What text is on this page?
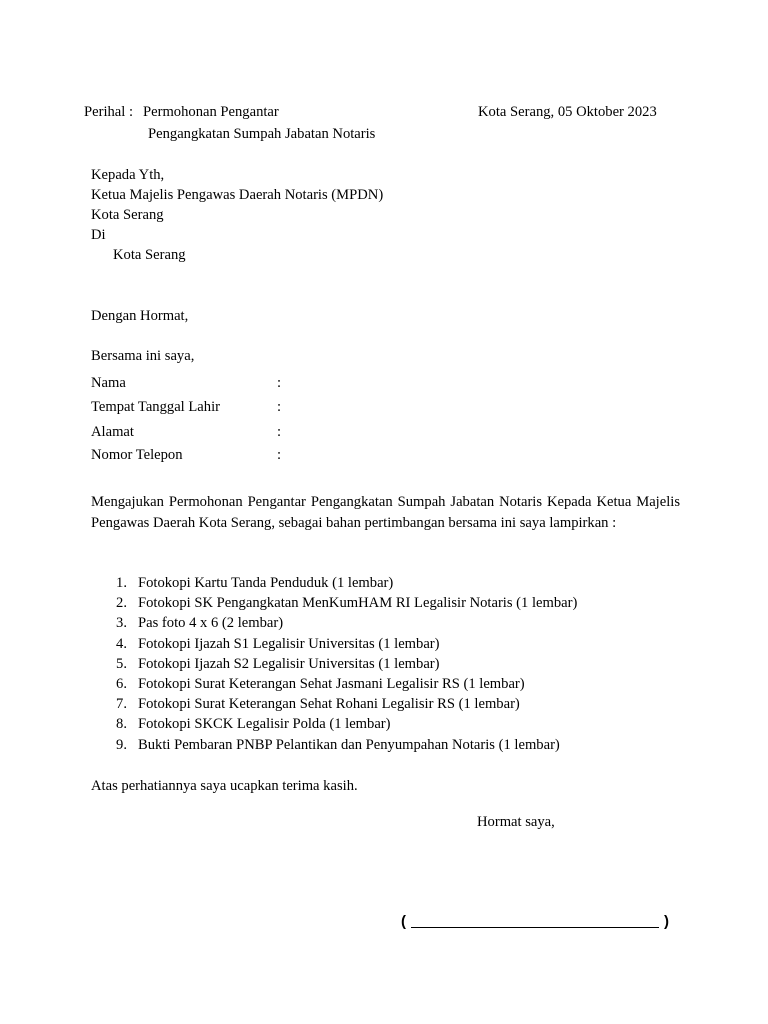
Perihal : Permohonan Pengantar
Pengangkatan Sumpah Jabatan Notaris
Kota Serang, 05 Oktober 2023
Kepada Yth,
Ketua Majelis Pengawas Daerah Notaris (MPDN)
Kota Serang
Di
Kota Serang
Dengan Hormat,
Bersama ini saya,
Nama	:
Tempat Tanggal Lahir	:
Alamat	:
Nomor Telepon	:

Mengajukan Permohonan Pengantar Pengangkatan Sumpah Jabatan Notaris Kepada Ketua Majelis Pengawas Daerah Kota Serang, sebagai bahan pertimbangan bersama ini saya lampirkan :

1. Fotokopi Kartu Tanda Penduduk (1 lembar)
2. Fotokopi SK Pengangkatan MenKumHAM RI Legalisir Notaris (1 lembar)
3. Pas foto 4 x 6 (2 lembar)
4. Fotokopi Ijazah S1 Legalisir Universitas (1 lembar)
5. Fotokopi Ijazah S2 Legalisir Universitas (1 lembar)
6. Fotokopi Surat Keterangan Sehat Jasmani Legalisir RS (1 lembar)
7. Fotokopi Surat Keterangan Sehat Rohani Legalisir RS (1 lembar)
8. Fotokopi SKCK Legalisir Polda (1 lembar)
9. Bukti Pembaran PNBP Pelantikan dan Penyumpahan Notaris (1 lembar)
Atas perhatiannya saya ucapkan terima kasih.
Hormat saya,
(	)
